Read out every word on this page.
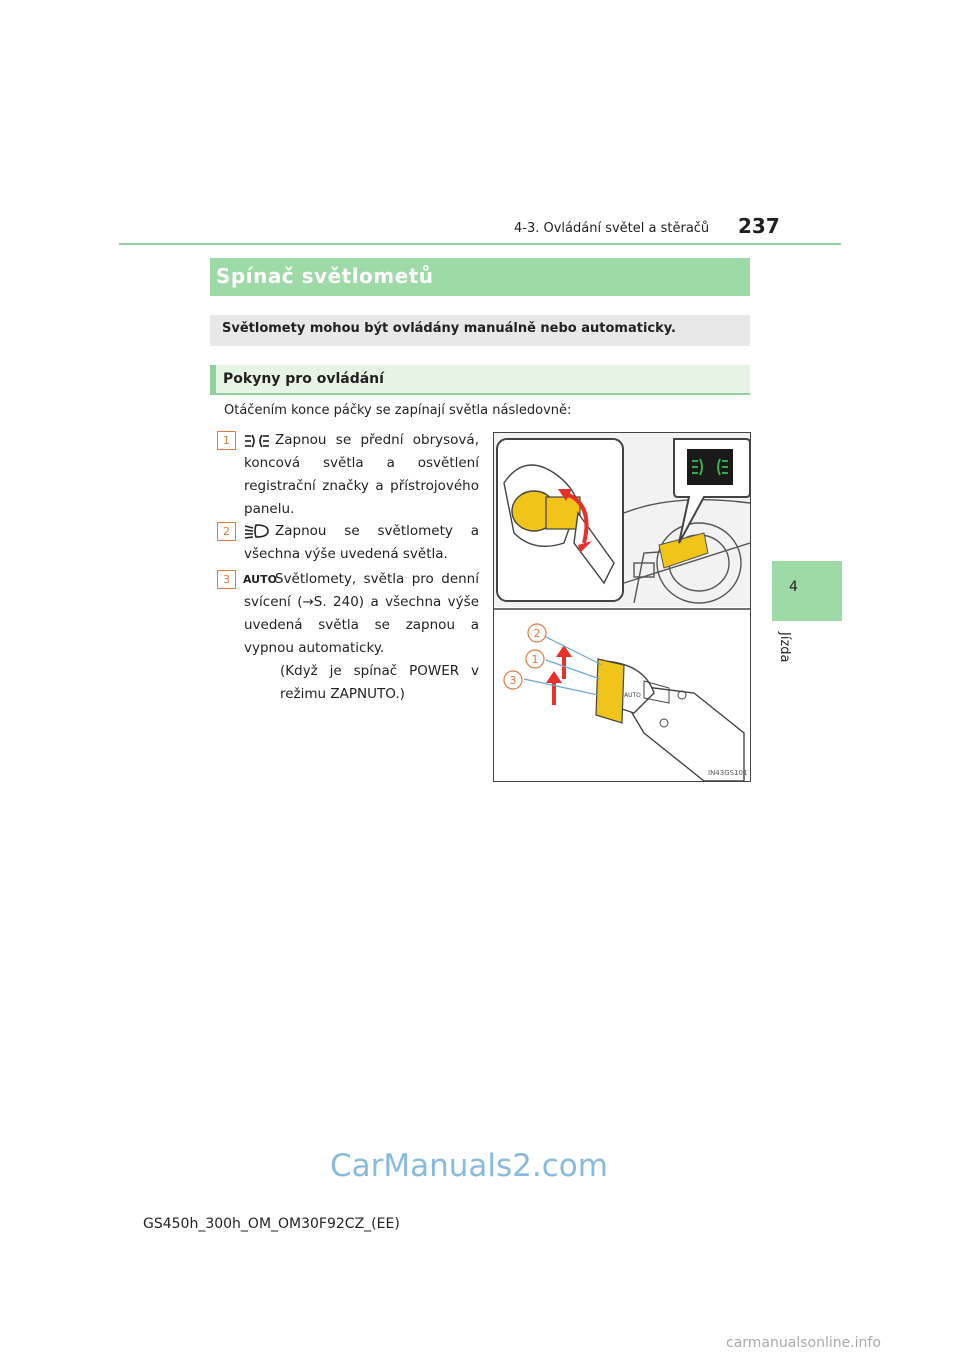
4-3. Ovládání světel a stěračů 237
4
Jízda
Spínač světlometů
Světlomety mohou být ovládány manuálně nebo automaticky.
Pokyny pro ovládání
Otáčením konce páčky se zapínají světla následovně:
1	Zapnou se přední obrysová, koncová světla a osvětlení registrační značky a přístrojového panelu.
2	Zapnou se světlomety a všechna výše uvedená světla.
3	AUTO
Světlomety, světla pro denní svícení (→S. 240) a všechna výše uvedená světla se zapnou a vypnou automaticky.
(Když je spínač POWER v režimu ZAPNUTO.)
2
1
3
AUTO
IN43GS101
GS450h_300h_OM_OM30F92CZ_(EE)
CarManuals2.com
carmanualsonline.info
